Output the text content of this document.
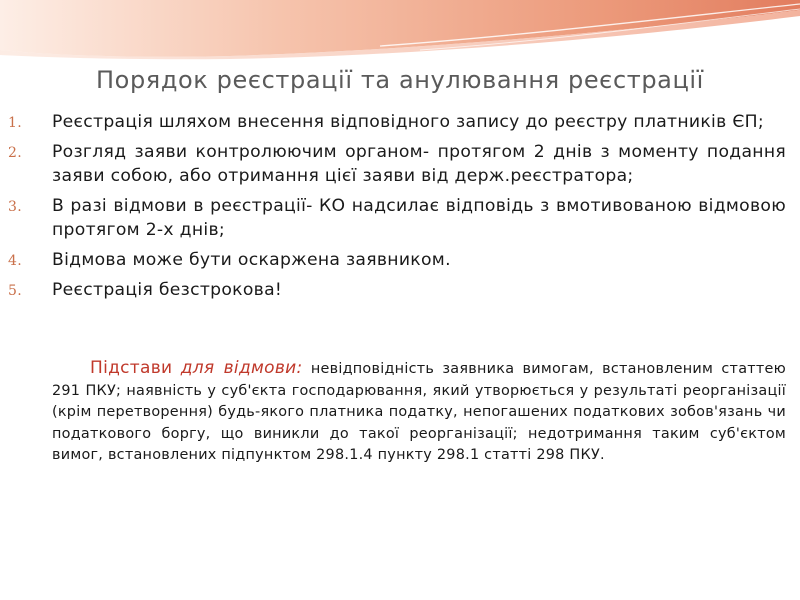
Порядок реєстрації та анулювання реєстрації
1. Реєстрація шляхом внесення відповідного запису до реєстру платників ЄП;
2. Розгляд заяви контролюючим органом- протягом 2 днів з моменту подання заяви собою, або отримання цієї заяви від держ.реєстратора;
3. В разі відмови в реєстрації- КО надсилає відповідь з вмотивованою відмовою протягом 2-х днів;
4. Відмова може бути оскаржена заявником.
5. Реєстрація безстрокова!

Підстави для відмови: невідповідність заявника вимогам, встановленим статтею 291 ПКУ; наявність у суб'єкта господарювання, який утворюється у результаті реорганізації (крім перетворення) будь-якого платника податку, непогашених податкових зобов'язань чи податкового боргу, що виникли до такої реорганізації; недотримання таким суб'єктом вимог, встановлених підпунктом 298.1.4 пункту 298.1 статті 298 ПКУ.
